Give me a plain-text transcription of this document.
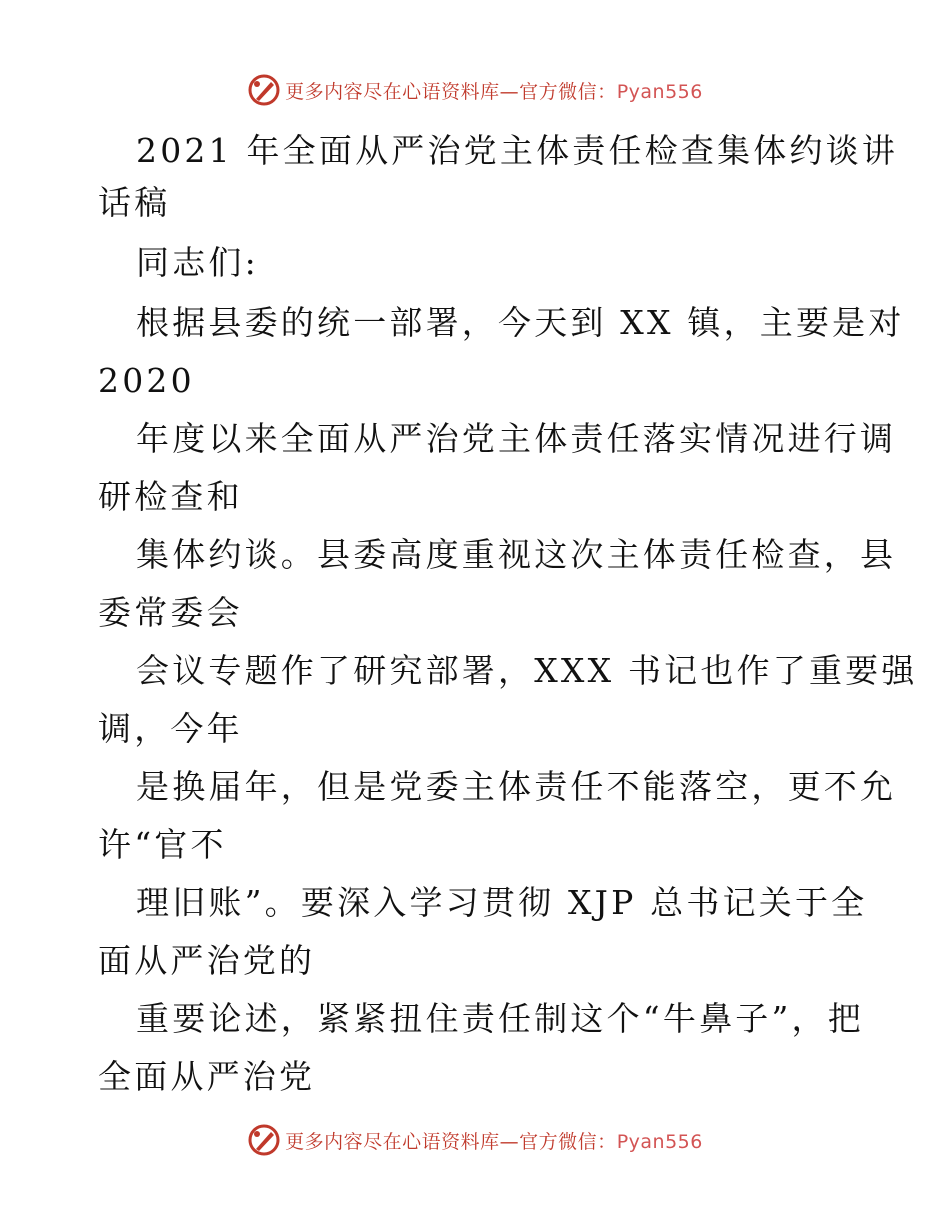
更多内容尽在心语资料库—官方微信：Pyan556
2021 年全面从严治党主体责任检查集体约谈讲
话稿
同志们:
根据县委的统一部署，今天到 XX 镇，主要是对
2020
年度以来全面从严治党主体责任落实情况进行调
研检查和
集体约谈。县委高度重视这次主体责任检查，县
委常委会
会议专题作了研究部署，XXX 书记也作了重要强
调，今年
是换届年，但是党委主体责任不能落空，更不允
许“官不
理旧账”。要深入学习贯彻 XJP 总书记关于全
面从严治党的
重要论述，紧紧扭住责任制这个“牛鼻子”，把
全面从严治党
更多内容尽在心语资料库—官方微信：Pyan556
